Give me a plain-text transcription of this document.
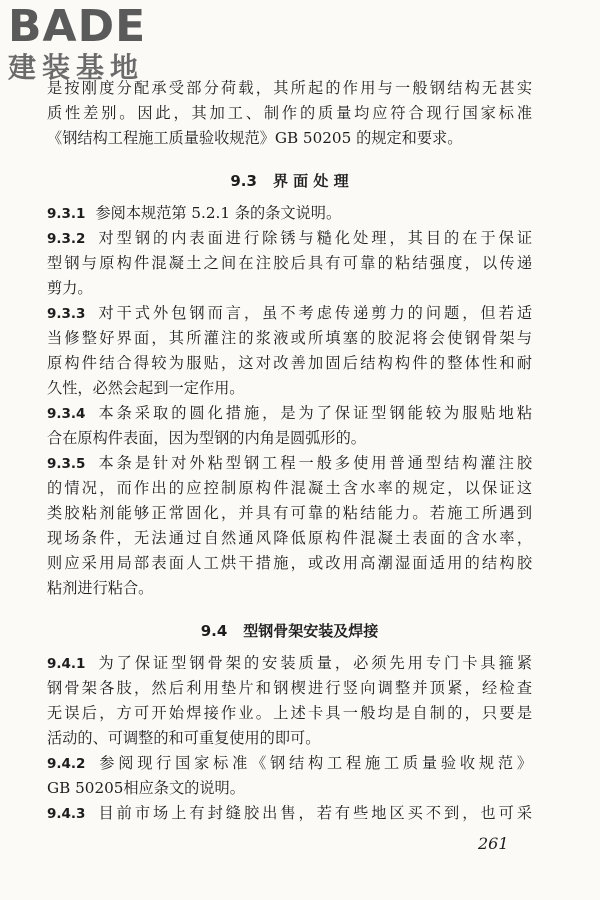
BADE
建装基地
是按刚度分配承受部分荷载，其所起的作用与一般钢结构无甚实
质性差别。因此，其加工、制作的质量均应符合现行国家标准
《钢结构工程施工质量验收规范》GB 50205 的规定和要求。
9.3 界 面 处 理
9.3.1 参阅本规范第 5.2.1 条的条文说明。
9.3.2 对型钢的内表面进行除锈与糙化处理，其目的在于保证
型钢与原构件混凝土之间在注胶后具有可靠的粘结强度，以传递
剪力。
9.3.3 对干式外包钢而言，虽不考虑传递剪力的问题，但若适
当修整好界面，其所灌注的浆液或所填塞的胶泥将会使钢骨架与
原构件结合得较为服贴，这对改善加固后结构构件的整体性和耐
久性，必然会起到一定作用。
9.3.4 本条采取的圆化措施，是为了保证型钢能较为服贴地粘
合在原构件表面，因为型钢的内角是圆弧形的。
9.3.5 本条是针对外粘型钢工程一般多使用普通型结构灌注胶
的情况，而作出的应控制原构件混凝土含水率的规定，以保证这
类胶粘剂能够正常固化，并具有可靠的粘结能力。若施工所遇到
现场条件，无法通过自然通风降低原构件混凝土表面的含水率，
则应采用局部表面人工烘干措施，或改用高潮湿面适用的结构胶
粘剂进行粘合。
9.4 型钢骨架安装及焊接
9.4.1 为了保证型钢骨架的安装质量，必须先用专门卡具箍紧
钢骨架各肢，然后利用垫片和钢楔进行竖向调整并顶紧，经检查
无误后，方可开始焊接作业。上述卡具一般均是自制的，只要是
活动的、可调整的和可重复使用的即可。
9.4.2 参阅现行国家标准《钢结构工程施工质量验收规范》
GB 50205相应条文的说明。
9.4.3 目前市场上有封缝胶出售，若有些地区买不到，也可采
261
